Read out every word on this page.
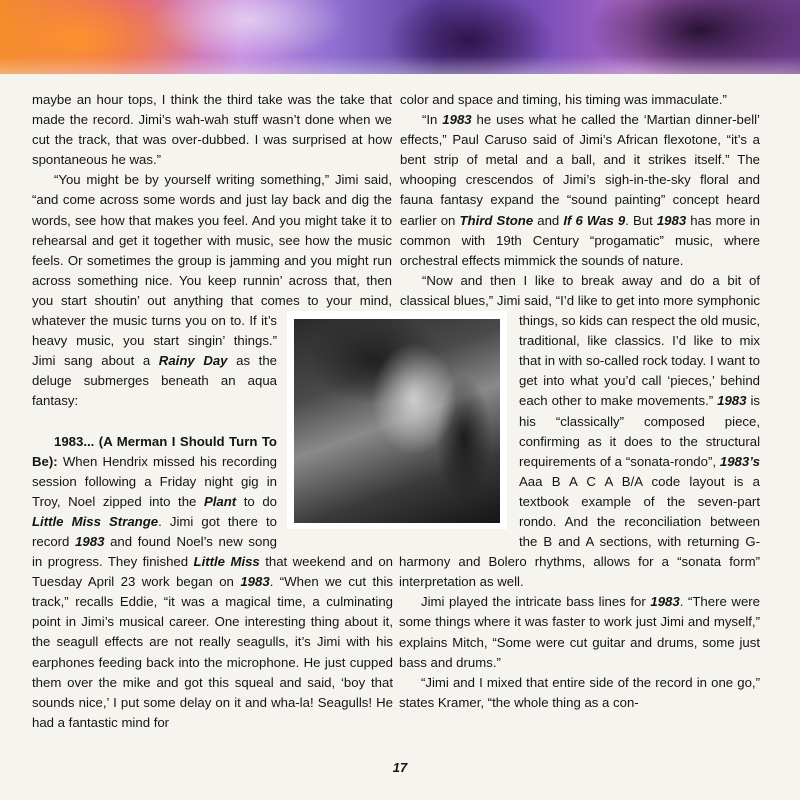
maybe an hour tops, I think the third take was the take that made the record. Jimi’s wah-wah stuff wasn’t done when we cut the track, that was over-dubbed. I was surprised at how spontaneous he was.”

“You might be by yourself writing something,” Jimi said, “and come across some words and just lay back and dig the words, see how that makes you feel. And you might take it to rehearsal and get it together with music, see how the music feels. Or sometimes the group is jamming and you might run across something nice. You keep runnin’ across that, then you start shoutin’ out anything that comes to your mind, whatever the music turns you on to. If it’s heavy music, you start singin’ things.” Jimi sang about a Rainy Day as the deluge submerges beneath an aqua fantasy:

1983... (A Merman I Should Turn To Be): When Hendrix missed his recording session following a Friday night gig in Troy, Noel zipped into the Plant to do Little Miss Strange. Jimi got there to record 1983 and found Noel’s new song in progress. They finished Little Miss that weekend and on Tuesday April 23 work began on 1983. “When we cut this track,” recalls Eddie, “it was a magical time, a culminating point in Jimi’s musical career. One interesting thing about it, the seagull effects are not really seagulls, it’s Jimi with his earphones feeding back into the microphone. He just cupped them over the mike and got this squeal and said, ‘boy that sounds nice,’ I put some delay on it and wha-la! Seagulls! He had a fantastic mind for

color and space and timing, his timing was immaculate.”

“In 1983 he uses what he called the ‘Martian dinner-bell’ effects,” Paul Caruso said of Jimi’s African flexotone, “it’s a bent strip of metal and a ball, and it strikes itself.” The whooping crescendos of Jimi’s sigh-in-the-sky floral and fauna fantasy expand the “sound painting” concept heard earlier on Third Stone and If 6 Was 9. But 1983 has more in common with 19th Century “progamatic” music, where orchestral effects mimmick the sounds of nature.

“Now and then I like to break away and do a bit of classical blues,” Jimi said, “I’d like to get into more symphonic things, so kids can respect the old music, traditional, like classics. I’d like to mix that in with so-called rock today. I want to get into what you’d call ‘pieces,’ behind each other to make movements.” 1983 is his “classically” composed piece, confirming as it does to the structural requirements of a “sonata-rondo”, 1983’s Aaa B A C A B/A code layout is a textbook example of the seven-part rondo. And the reconciliation between the B and A sections, with returning G-harmony and Bolero rhythms, allows for a “sonata form” interpretation as well.

Jimi played the intricate bass lines for 1983. “There were some things where it was faster to work just Jimi and myself,” explains Mitch, “Some were cut guitar and drums, some just bass and drums.”

“Jimi and I mixed that entire side of the record in one go,” states Kramer, “the whole thing as a con-

17
